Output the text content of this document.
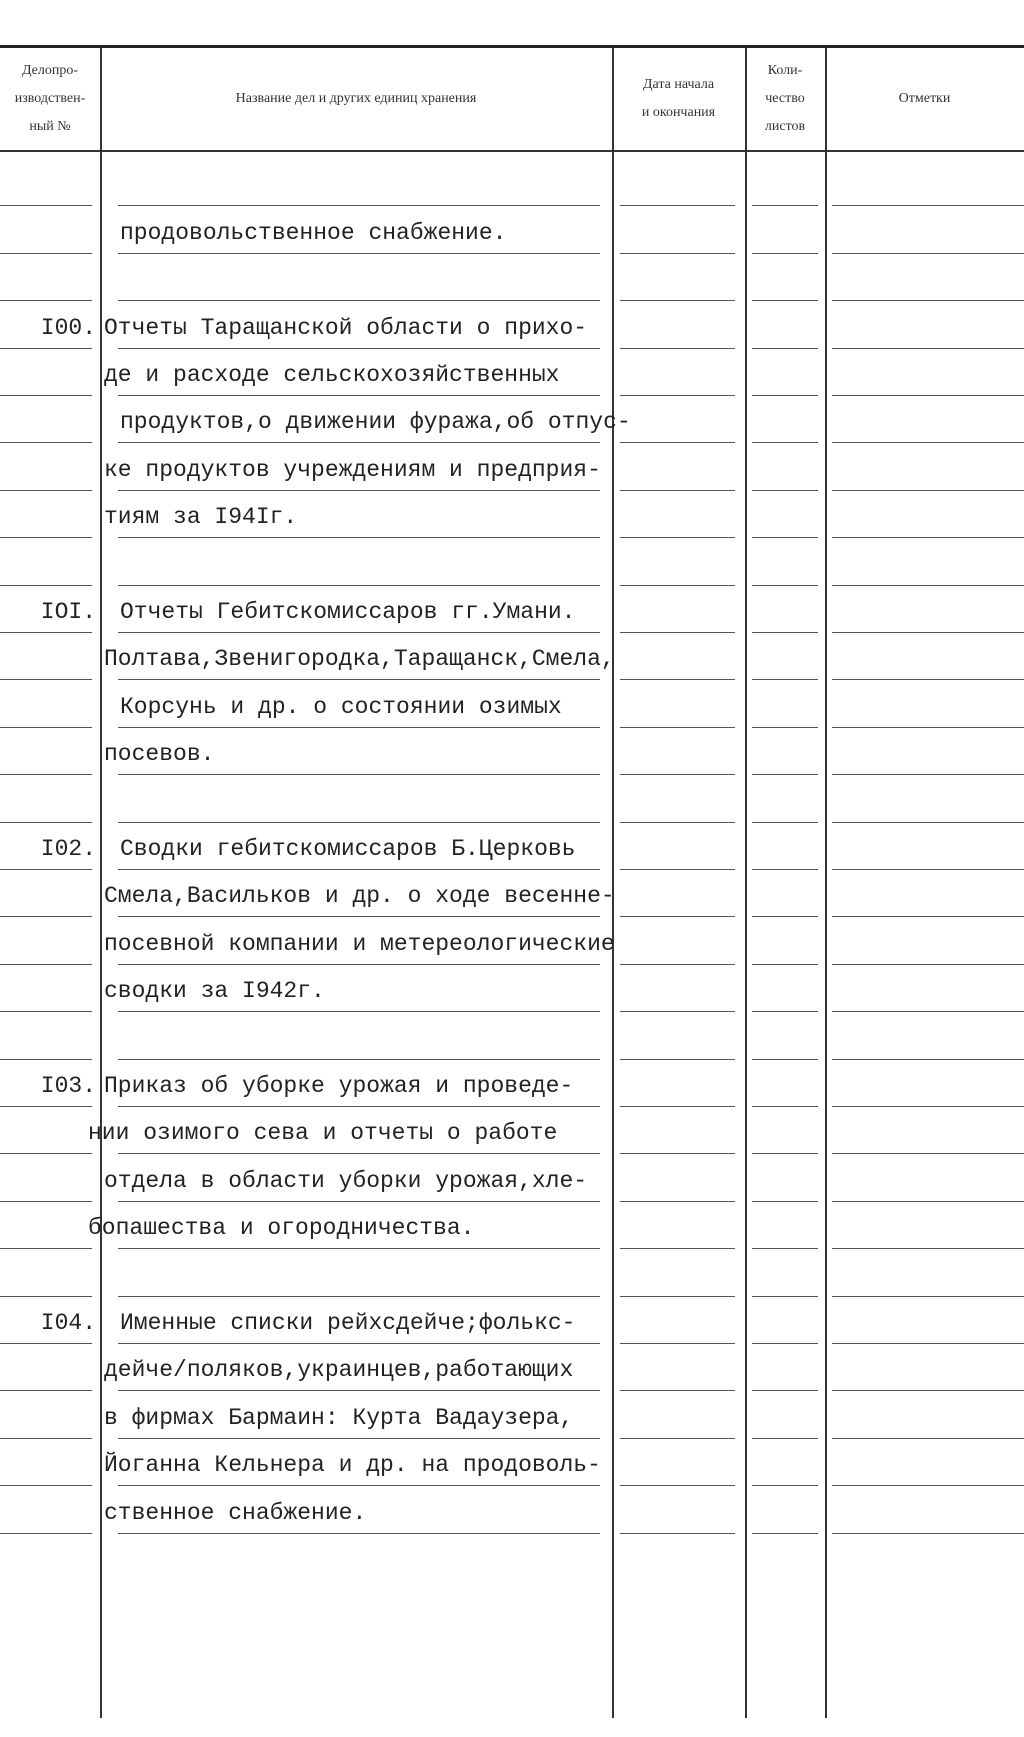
Делопро-
изводствен-
ный №
Название дел и других единиц хранения
Дата начала
и окончания
Коли-
чество
листов
Отметки
продовольственное снабжение.
I00. Отчеты Таращанской области о прихо-
де и расходе сельскохозяйственных
продуктов,о движении фуража,об отпус-
ке продуктов учреждениям и предприя-
тиям за I94Iг.
IOI. Отчеты Гебитскомиссаров гг.Умани.
Полтава,Звенигородка,Таращанск,Смела,
Корсунь и др. о состоянии озимых
посевов.
I02. Сводки гебитскомиссаров Б.Церковь
Смела,Васильков и др. о ходе весенне-
посевной компании и метереологические
сводки за I942г.
I03. Приказ об уборке урожая и проведе-
нии озимого сева и отчеты о работе
отдела в области уборки урожая,хле-
бопашества и огородничества.
I04. Именные списки рейхсдейче;фолькс-
дейче/поляков,украинцев,работающих
в фирмах Бармаин: Курта Вадаузера,
Йоганна Кельнера и др. на продоволь-
ственное снабжение.
